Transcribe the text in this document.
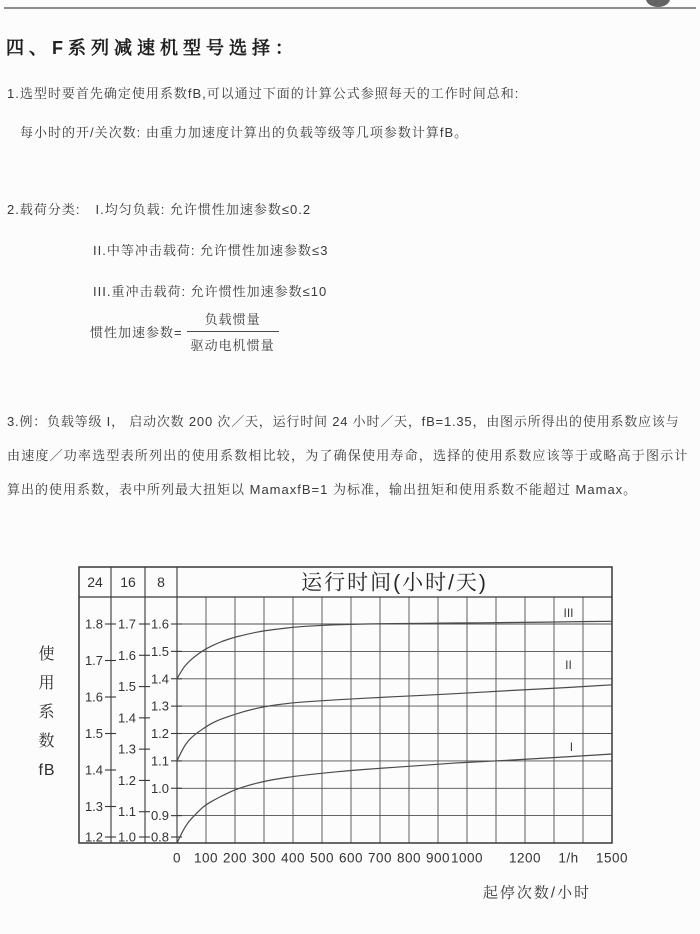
四、F系列减速机型号选择：
1.选型时要首先确定使用系数fB,可以通过下面的计算公式参照每天的工作时间总和:
每小时的开/关次数: 由重力加速度计算出的负载等级等几项参数计算fB。
2.载荷分类: I.均匀负载: 允许惯性加速参数≤0.2
II.中等冲击载荷: 允许惯性加速参数≤3
III.重冲击载荷: 允许惯性加速参数≤10
惯性加速参数= $\frac{\text{负载惯量}}{\text{驱动电机惯量}}$
3.例：负载等级 I， 启动次数 200 次／天，运行时间 24 小时／天，fB=1.35，由图示所得出的使用系数应该与
由速度／功率选型表所列出的使用系数相比较，为了确保使用寿命，选择的使用系数应该等于或略高于图示计
算出的使用系数，表中所列最大扭矩以 MamaxfB=1 为标准，输出扭矩和使用系数不能超过 Mamax。
使
用
系
数
fB
24
1.8
1.7
1.6
1.5
1.4
1.3
1.2
16
1.7
1.6
1.5
1.4
1.3
1.2
1.1
1.0
8
1.6
1.5
1.4
1.3
1.2
1.1
1.0
0.9
0.8
运行时间(小时/天)
III
II
I
0 100 200 300 400 500 600 700 800 900 1000 1200 1/h 1500
起停次数/小时
